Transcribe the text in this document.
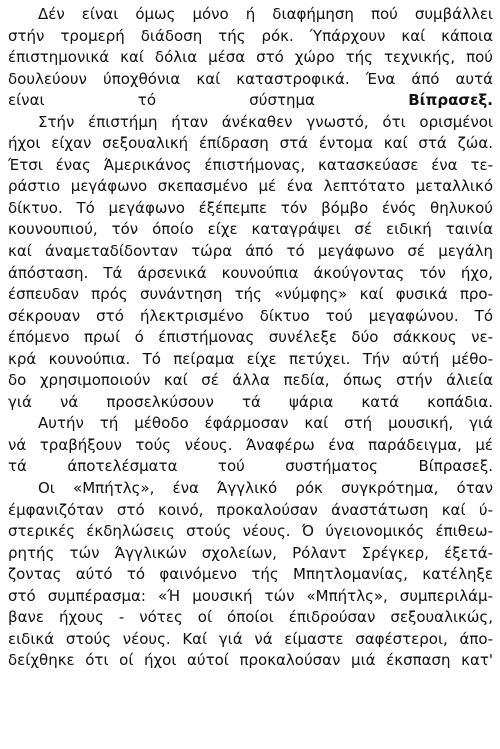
Δέν είναι όμως μόνο ή διαφήμηση πού συμβάλλει
στήν τρομερή διάδοση τής ρόκ. Ύπάρχουν καί κάποια
έπιστημονικά καί δόλια μέσα στό χώρο τής τεχνικής, πού
δουλεύουν ύποχθόνια καί καταστροφικά. Ένα άπό αυτά
είναι τό σύστημα Βίπρασεξ.

Στήν έπιστήμη ήταν άνέκαθεν γνωστό, ότι ορισμένοι
ήχοι είχαν σεξουαλική έπίδραση στά έντομα καί στά ζώα.
Έτσι ένας Άμερικάνος έπιστήμονας, κατασκεύασε ένα τε-
ράστιο μεγάφωνο σκεπασμένο μέ ένα λεπτότατο μεταλλικό
δίκτυο. Τό μεγάφωνο έξέπεμπε τόν βόμβο ένός θηλυκού
κουνουπιού, τόν όποίο είχε καταγράψει σέ ειδική ταινία
καί άναμεταδίδονταν τώρα άπό τό μεγάφωνο σέ μεγάλη
άπόσταση. Τά άρσενικά κουνούπια άκούγοντας τόν ήχο,
έσπευδαν πρός συνάντηση τής «νύμφης» καί φυσικά προ-
σέκρουαν στό ήλεκτρισμένο δίκτυο τού μεγαφώνου. Τό
έπόμενο πρωί ό έπιστήμονας συνέλεξε δύο σάκκους νε-
κρά κουνούπια. Τό πείραμα είχε πετύχει. Τήν αύτή μέθο-
δο χρησιμοποιούν καί σέ άλλα πεδία, όπως στήν άλιεία
γιά νά προσελκύσουν τά ψάρια κατά κοπάδια.

Αυτήν τή μέθοδο έφάρμοσαν καί στή μουσική, γιά
νά τραβήξουν τούς νέους. Άναφέρω ένα παράδειγμα, μέ
τά άποτελέσματα τού συστήματος Βίπρασεξ.

Οι «Μπήτλς», ένα Άγγλικό ρόκ συγκρότημα, όταν
έμφανιζόταν στό κοινό, προκαλούσαν άναστάτωση καί ύ-
στερικές έκδηλώσεις στούς νέους. Ό ύγειονομικός έπιθεω-
ρητής τών Άγγλικών σχολείων, Ρόλαντ Σρέγκερ, έξετά-
ζοντας αύτό τό φαινόμενο τής Μπητλομανίας, κατέληξε
στό συμπέρασμα: «Ή μουσική τών «Μπήτλς», συμπεριλάμ-
βανε ήχους - νότες οί όποίοι έπιδρούσαν σεξουαλικώς,
ειδικά στούς νέους. Καί γιά νά είμαστε σαφέστεροι, άπο-
δείχθηκε ότι οί ήχοι αύτοί προκαλούσαν μιά έκσπαση κατ'
